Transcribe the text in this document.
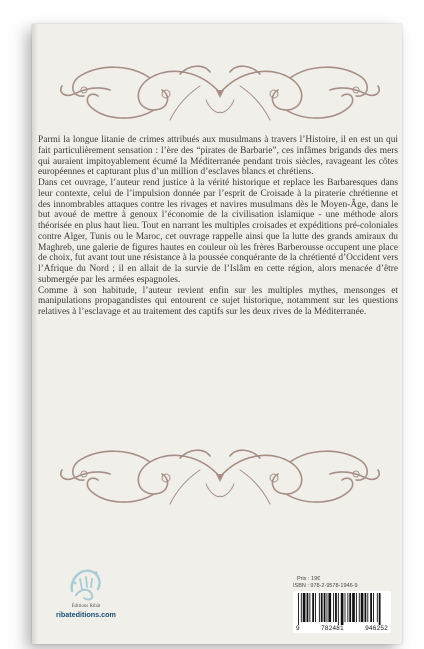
Parmi la longue litanie de crimes attribués aux musulmans à travers l’Histoire, il en est un qui fait particulièrement sensation : l’ère des “pirates de Barbarie”, ces infâmes brigands des mers qui auraient impitoyablement écumé la Méditerranée pendant trois siècles, ravageant les côtes européennes et capturant plus d’un million d’esclaves blancs et chrétiens.

Dans cet ouvrage, l’auteur rend justice à la vérité historique et replace les Barbaresques dans leur contexte, celui de l’impulsion donnée par l’esprit de Croisade à la piraterie chrétienne et des innombrables attaques contre les rivages et navires musulmans dès le Moyen-Âge, dans le but avoué de mettre à genoux l’économie de la civilisation islamique - une méthode alors théorisée en plus haut lieu. Tout en narrant les multiples croisades et expéditions pré-coloniales contre Alger, Tunis ou le Maroc, cet ouvrage rappelle ainsi que la lutte des grands amiraux du Maghreb, une galerie de figures hautes en couleur où les frères Barberousse occupent une place de choix, fut avant tout une résistance à la poussée conquérante de la chrétienté d’Occident vers l’Afrique du Nord ; il en allait de la survie de l’Islâm en cette région, alors menacée d’être submergée par les armées espagnoles.

Comme à son habitude, l’auteur revient enfin sur les multiples mythes, mensonges et manipulations propagandistes qui entourent ce sujet historique, notamment sur les questions relatives à l’esclavage et au traitement des captifs sur les deux rives de la Méditerranée.

Éditions Ribât
ribateditions.com
Prix : 19€
ISBN : 978-2-9578-1946-9
9	782481	946252
